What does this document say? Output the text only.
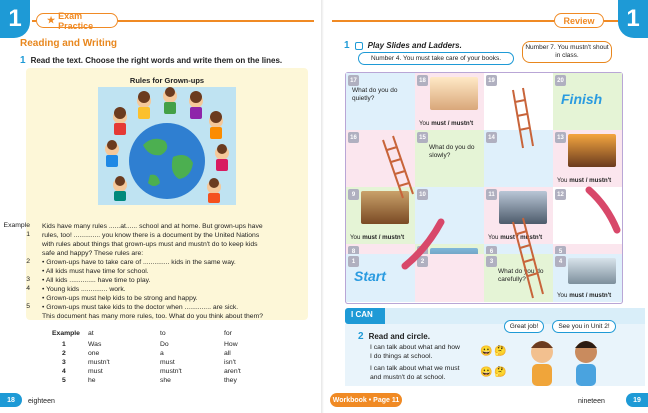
1	★ Exam Practice
Reading and Writing
1 Read the text. Choose the right words and write them on the lines.
Rules for Grown-ups
Example Kids have many rules ......at...... school and at home. But grown-ups have
1 rules, too! .............. you know there is a document by the United Nations
with rules about things that grown-ups must and mustn't do to keep kids
safe and happy? These rules are:
2 • Grown-ups have to take care of .............. kids in the same way.
• All kids must have time for school.
3 • All kids .............. have time to play.
4 • Young kids .............. work.
• Grown-ups must help kids to be strong and happy.
5 • Grown-ups must take kids to the doctor when .............. are sick.
This document has many more rules, too. What do you think about them?
Example at	to	for
1	Was	Do	How
2	one	a	all
3	mustn't	must	isn't
4	must	mustn't	aren't
5	he	she	they
18	eighteen
1
Review
1 Play Slides and Ladders.
Number 4. You must take care of your books.
Number 7. You mustn't shout in class.
17
What do you do quietly?
18
You must / mustn't
19	20
Finish
16	15
What do you do slowly?
14	13
You must / mustn't
9
You must / mustn't
10	11
You must / mustn't
12
8	7	6	5
1
Start
2	3
What do you do carefully?
4
You must / mustn't
I CAN
2 Read and circle.
I can talk about what and how
I do things at school.
I can talk about what we must
and mustn't do at school.
😀 🤔
😀 🤔
Great job!	See you in Unit 2!
Workbook • Page 11	nineteen	19
